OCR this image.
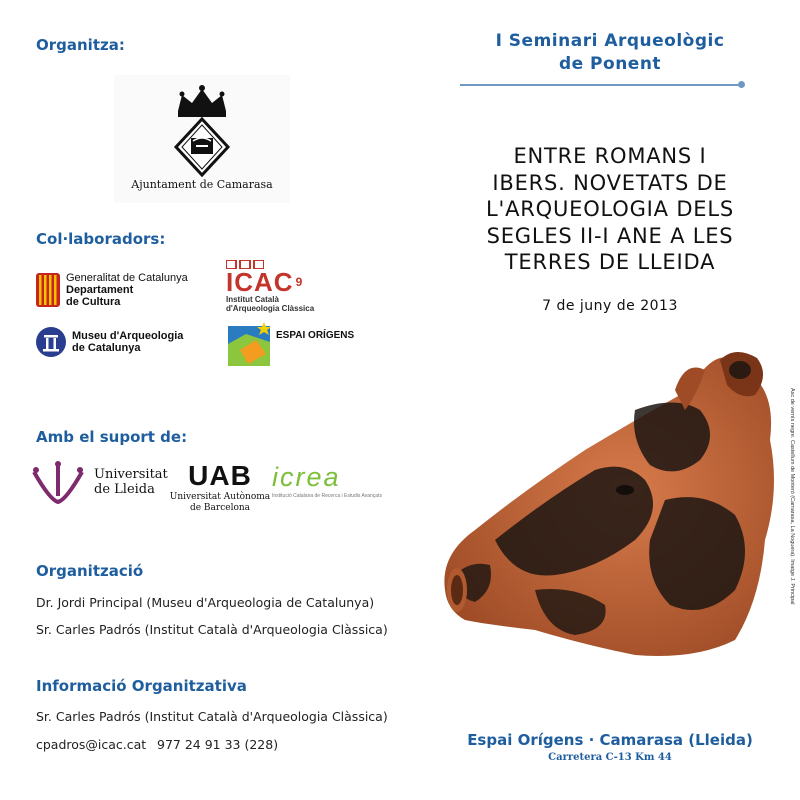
Organitza:
Ajuntament de Camarasa
Col·laboradors:
Generalitat de Catalunya
Departament
de Cultura
ICAC 9
Institut Català
d'Arqueologia Clàssica
Museu d'Arqueologia
de Catalunya
ESPAI ORÍGENS
Amb el suport de:
Universitat
de Lleida	UAB
Universitat Autònoma
de Barcelona
icrea
Institució Catalana de Recerca i Estudis Avançats
Organització
Dr. Jordi Principal (Museu d'Arqueologia de Catalunya)
Sr. Carles Padrós (Institut Català d'Arqueologia Clàssica)
Informació Organitzativa
Sr. Carles Padrós (Institut Català d'Arqueologia Clàssica)
cpadros@icac.cat 977 24 91 33 (228)
I Seminari Arqueològic
de Ponent
ENTRE ROMANS I
IBERS. NOVETATS DE
L'ARQUEOLOGIA DELS
SEGLES II-I ANE A LES
TERRES DE LLEIDA
7 de juny de 2013
Espai Orígens · Camarasa (Lleida)
Carretera C-13 Km 44
Asc de vernís negre. Castellum de Monteró (Camarasa, La Noguera). Imatge J. Principal
